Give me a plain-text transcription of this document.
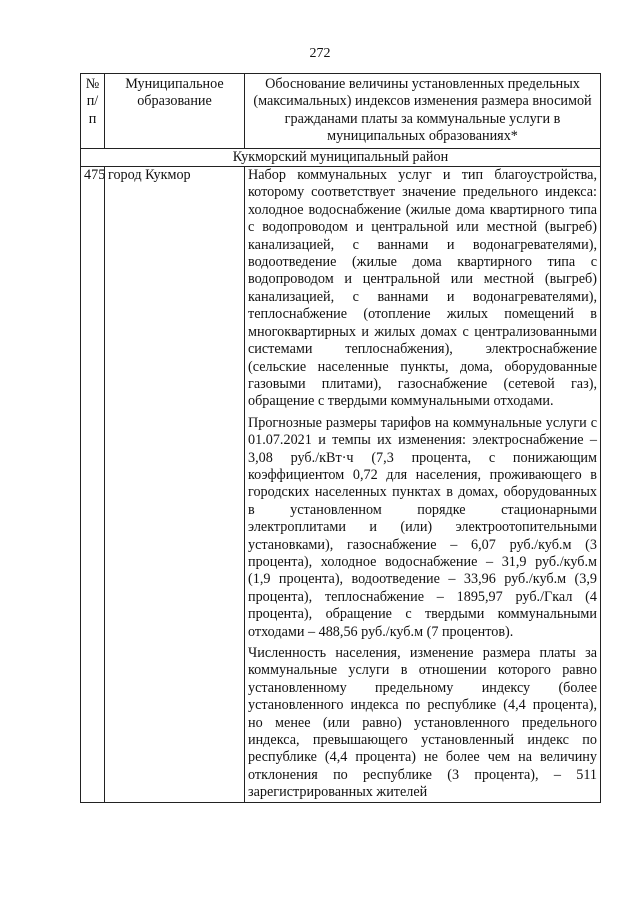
272
№ п/п	Муниципальное образование	Обоснование величины установленных предельных (максимальных) индексов изменения размера вносимой гражданами платы за коммунальные услуги в муниципальных образованиях*
Кукморский муниципальный район		
475	город Кукмор	Набор коммунальных услуг и тип благоустройства, которому соответствует значение предельного индекса: холодное водоснабжение (жилые дома квартирного типа с водопроводом и центральной или местной (выгреб) канализацией, с ваннами и водонагревателями), водоотведение (жилые дома квартирного типа с водопроводом и центральной или местной (выгреб) канализацией, с ваннами и водонагревателями), теплоснабжение (отопление жилых помещений в многоквартирных и жилых домах с централизованными системами теплоснабжения), электроснабжение (сельские населенные пункты, дома, оборудованные газовыми плитами), газоснабжение (сетевой газ), обращение с твердыми коммунальными отходами.

Прогнозные размеры тарифов на коммунальные услуги с 01.07.2021 и темпы их изменения: электроснабжение – 3,08 руб./кВт·ч (7,3 процента, с понижающим коэффициентом 0,72 для населения, проживающего в городских населенных пунктах в домах, оборудованных в установленном порядке стационарными электроплитами и (или) электроотопительными установками), газоснабжение – 6,07 руб./куб.м (3 процента), холодное водоснабжение – 31,9 руб./куб.м (1,9 процента), водоотведение – 33,96 руб./куб.м (3,9 процента), теплоснабжение – 1895,97 руб./Гкал (4 процента), обращение с твердыми коммунальными отходами – 488,56 руб./куб.м (7 процентов).

Численность населения, изменение размера платы за коммунальные услуги в отношении которого равно установленному предельному индексу (более установленного индекса по республике (4,4 процента), но менее (или равно) установленного предельного индекса, превышающего установленный индекс по республике (4,4 процента) не более чем на величину отклонения по республике (3 процента), – 511 зарегистрированных жителей
